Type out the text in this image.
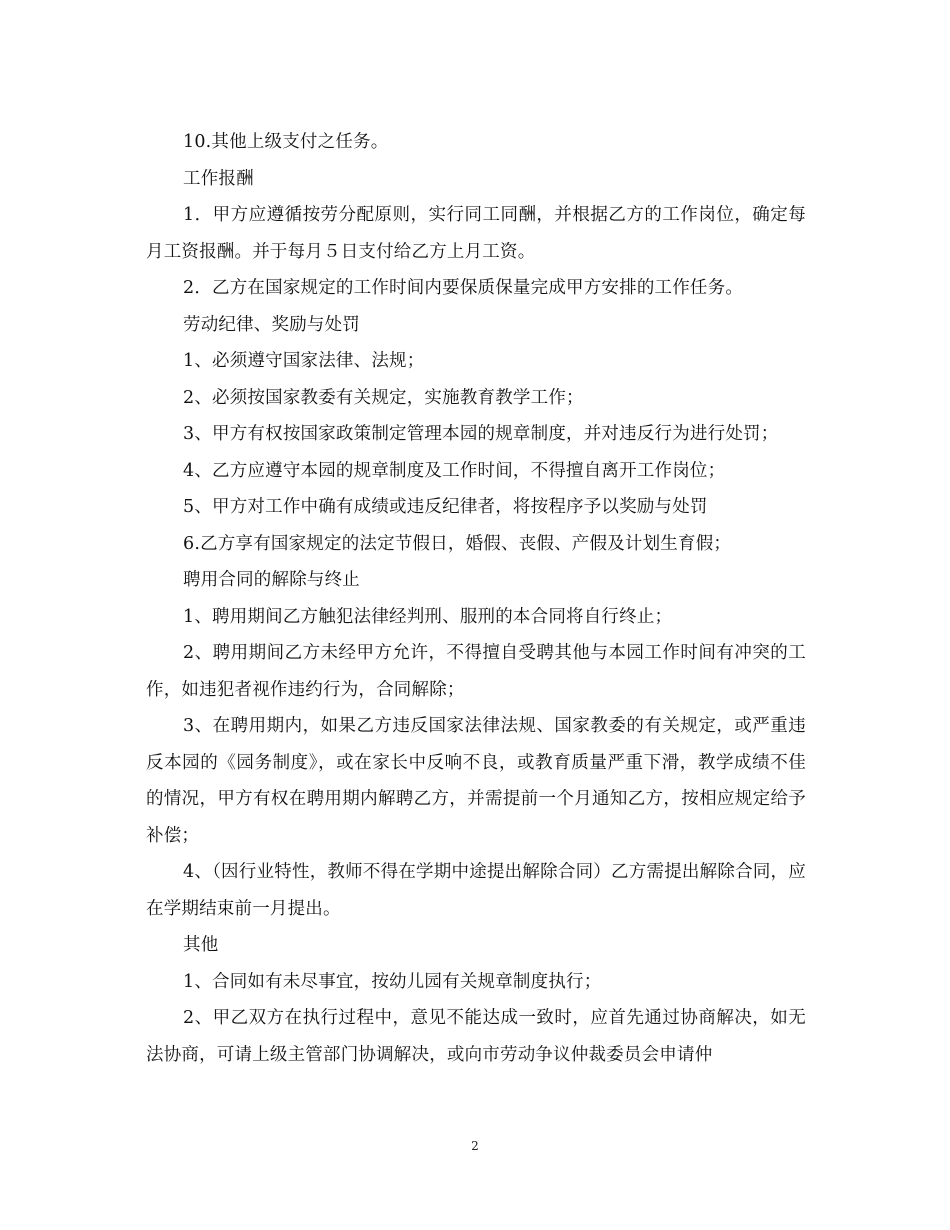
10.其他上级支付之任务。

工作报酬

1．甲方应遵循按劳分配原则，实行同工同酬，并根据乙方的工作岗位，确定每月工资报酬。并于每月５日支付给乙方上月工资。

2．乙方在国家规定的工作时间内要保质保量完成甲方安排的工作任务。

劳动纪律、奖励与处罚

1、必须遵守国家法律、法规；

2、必须按国家教委有关规定，实施教育教学工作；

3、甲方有权按国家政策制定管理本园的规章制度，并对违反行为进行处罚；

4、乙方应遵守本园的规章制度及工作时间，不得擅自离开工作岗位；

5、甲方对工作中确有成绩或违反纪律者，将按程序予以奖励与处罚

6.乙方享有国家规定的法定节假日，婚假、丧假、产假及计划生育假；

聘用合同的解除与终止

1、聘用期间乙方触犯法律经判刑、服刑的本合同将自行终止；

2、聘用期间乙方未经甲方允许，不得擅自受聘其他与本园工作时间有冲突的工作，如违犯者视作违约行为，合同解除；

3、在聘用期内，如果乙方违反国家法律法规、国家教委的有关规定，或严重违反本园的《园务制度》，或在家长中反响不良，或教育质量严重下滑，教学成绩不佳的情况，甲方有权在聘用期内解聘乙方，并需提前一个月通知乙方，按相应规定给予补偿；

4、（因行业特性，教师不得在学期中途提出解除合同）乙方需提出解除合同，应在学期结束前一月提出。

其他

1、合同如有未尽事宜，按幼儿园有关规章制度执行；

2、甲乙双方在执行过程中，意见不能达成一致时，应首先通过协商解决，如无法协商，可请上级主管部门协调解决，或向市劳动争议仲裁委员会申请仲

2
